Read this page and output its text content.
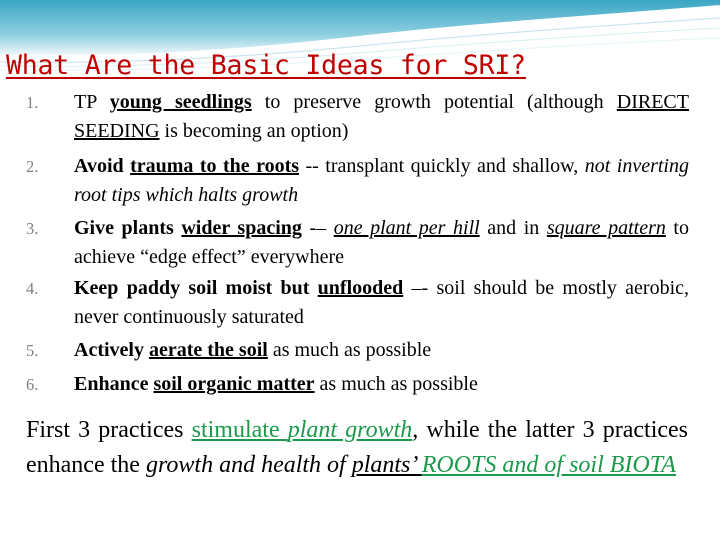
What Are the Basic Ideas for SRI?
1.	TP young seedlings to preserve growth potential (although DIRECT SEEDING is becoming an option)
2.	Avoid trauma to the roots -- transplant quickly and shallow, not inverting root tips which halts growth
3.	Give plants wider spacing -– one plant per hill and in square pattern to achieve “edge effect” everywhere
4.	Keep paddy soil moist but unflooded –- soil should be mostly aerobic, never continuously saturated
5.	Actively aerate the soil as much as possible
6.	Enhance soil organic matter as much as possible
First 3 practices stimulate plant growth, while the latter 3 practices enhance the growth and health of plants’ ROOTS and of soil BIOTA
